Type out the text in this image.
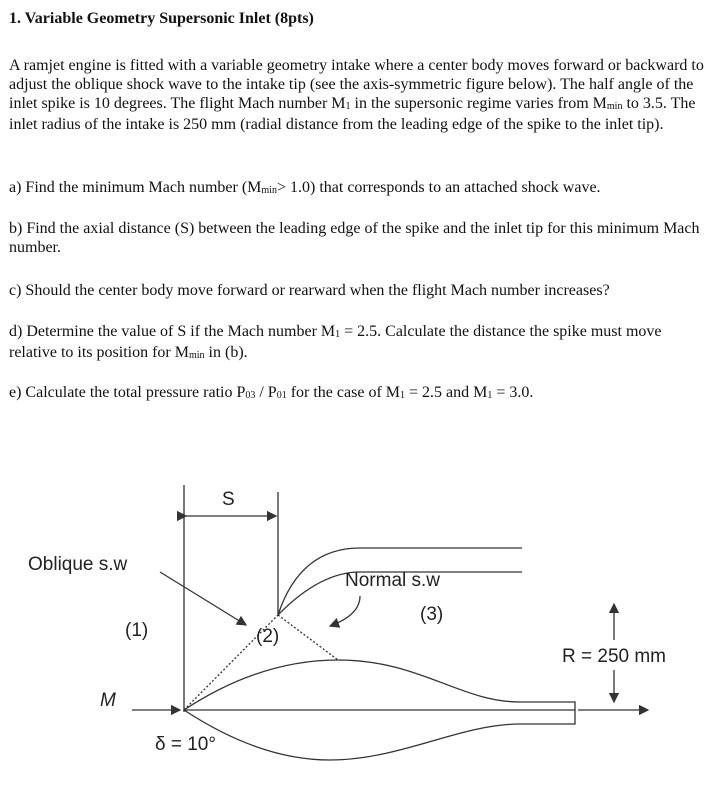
1. Variable Geometry Supersonic Inlet (8pts)

A ramjet engine is fitted with a variable geometry intake where a center body moves forward or backward to adjust the oblique shock wave to the intake tip (see the axis-symmetric figure below). The half angle of the inlet spike is 10 degrees. The flight Mach number $M_1$ in the supersonic regime varies from $M_{min}$ to 3.5. The inlet radius of the intake is 250 mm (radial distance from the leading edge of the spike to the inlet tip).

a) Find the minimum Mach number $(M_{min}> 1.0)$ that corresponds to an attached shock wave.

b) Find the axial distance (S) between the leading edge of the spike and the inlet tip for this minimum Mach number.

c) Should the center body move forward or rearward when the flight Mach number increases?

d) Determine the value of S if the Mach number $M_1 = 2.5$. Calculate the distance the spike must move relative to its position for $M_{min}$ in (b).

e) Calculate the total pressure ratio $P_{03} / P_{01}$ for the case of $M_1 = 2.5$ and $M_1 = 3.0$.

S
Oblique s.w
Normal s.w
(1)	(2)
(3)
R = 250 mm
M
δ = 10°
